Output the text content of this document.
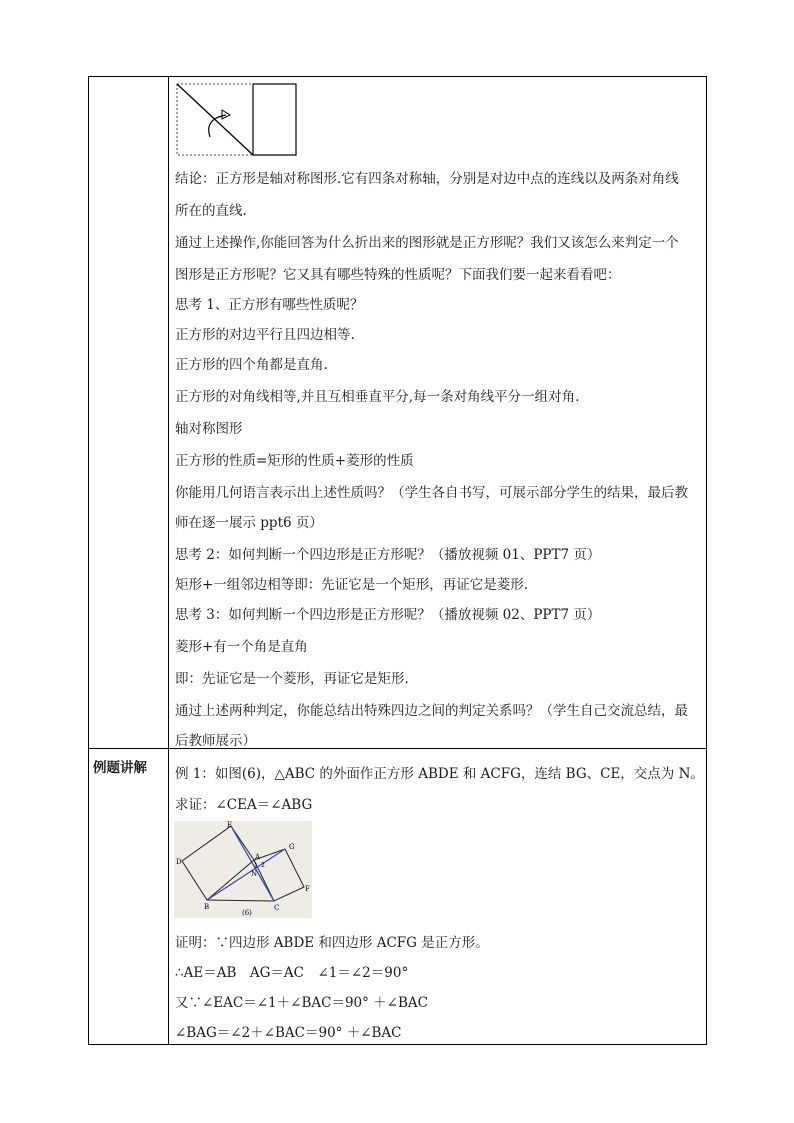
结论：正方形是轴对称图形.它有四条对称轴，分别是对边中点的连线以及两条对角线
所在的直线.
通过上述操作,你能回答为什么折出来的图形就是正方形呢？我们又该怎么来判定一个
图形是正方形呢？它又具有哪些特殊的性质呢？下面我们要一起来看看吧：
思考 1、正方形有哪些性质呢？
正方形的对边平行且四边相等.
正方形的四个角都是直角.
正方形的对角线相等,并且互相垂直平分,每一条对角线平分一组对角.
轴对称图形
正方形的性质=矩形的性质+菱形的性质
你能用几何语言表示出上述性质吗？（学生各自书写，可展示部分学生的结果，最后教
师在逐一展示 ppt6 页）
思考 2：如何判断一个四边形是正方形呢？（播放视频 01、PPT7 页）
矩形+一组邻边相等即：先证它是一个矩形，再证它是菱形.
思考 3：如何判断一个四边形是正方形呢？（播放视频 02、PPT7 页）
菱形+有一个角是直角
即：先证它是一个菱形，再证它是矩形.
通过上述两种判定，你能总结出特殊四边之间的判定关系吗？（学生自己交流总结，最
后教师展示）
例题讲解	例 1：如图(6)，△ABC 的外面作正方形 ABDE 和 ACFG，连结 BG、CE，交点为 N。
求证：∠CEA＝∠ABG
E
D
A
G
N
1 2
F
B	C
(6)
证明：∵四边形 ABDE 和四边形 ACFG 是正方形。
∴AE＝AB　AG＝AC　∠1＝∠2＝90°
又∵∠EAC＝∠1＋∠BAC＝90° ＋∠BAC
∠BAG＝∠2＋∠BAC＝90° ＋∠BAC
